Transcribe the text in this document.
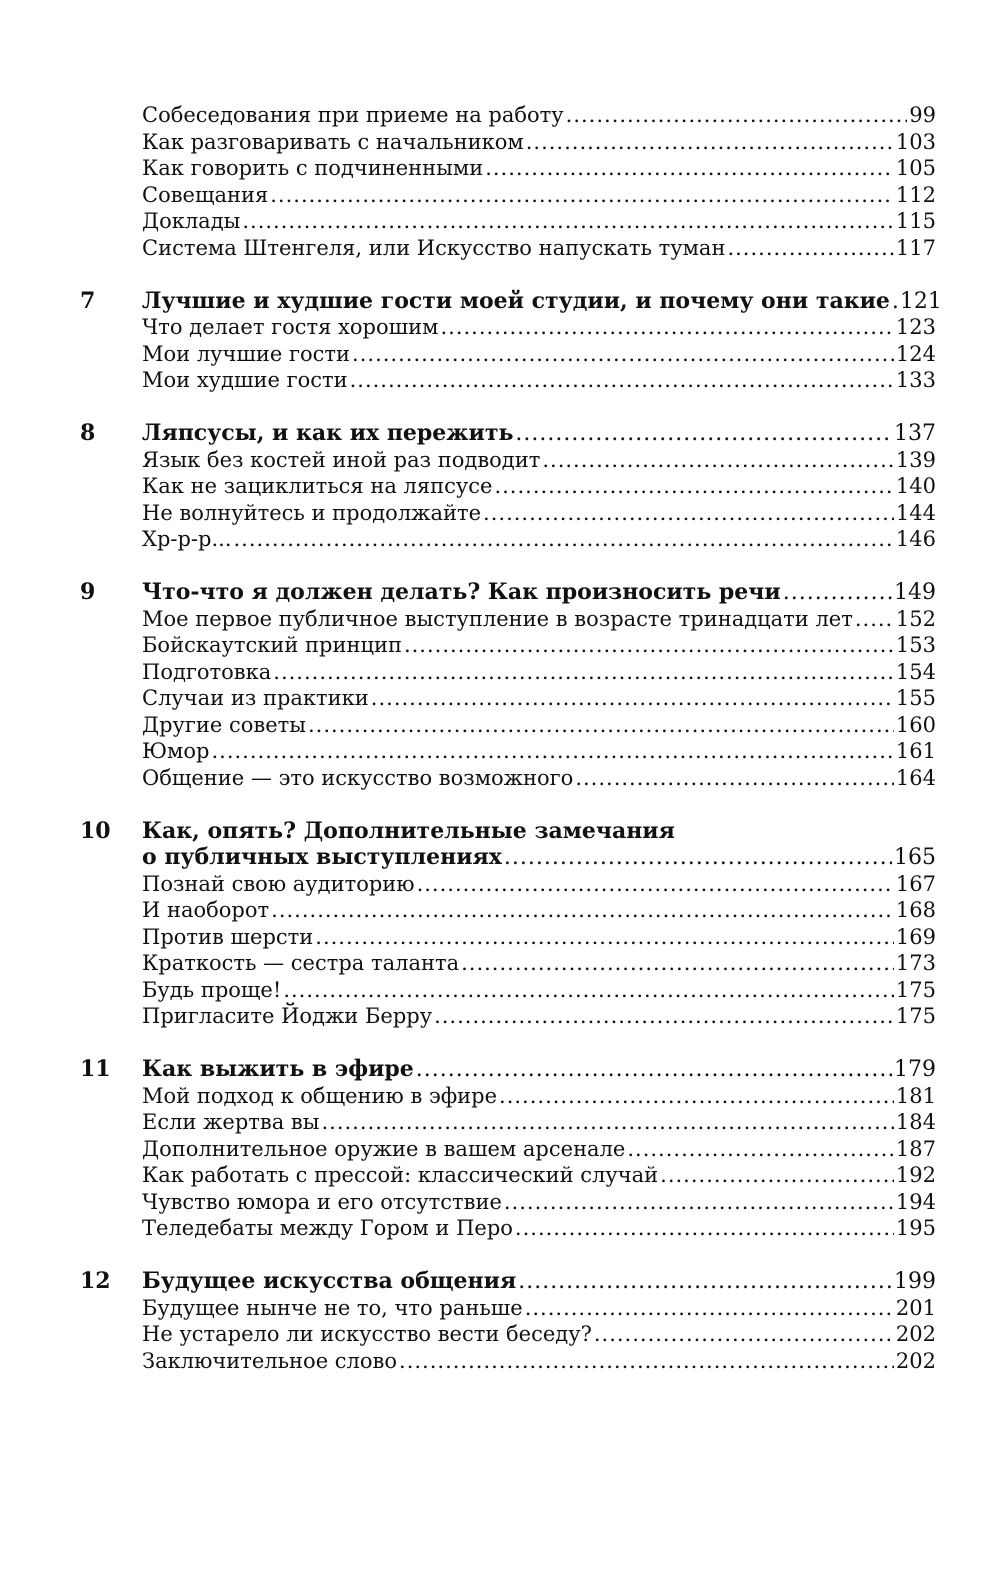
Собеседования при приеме на работу .....	99
Как разговаривать с начальником .....	103
Как говорить с подчиненными .....	105
Совещания .....	112
Доклады .....	115
Система Штенгеля, или Искусство напускать туман .....	117
7	Лучшие и худшие гости моей студии, и почему они такие ..... 121
Что делает гостя хорошим .....	123
Мои лучшие гости .....	124
Мои худшие гости .....	133
8	Ляпсусы, и как их пережить .....	137
Язык без костей иной раз подводит .....	139
Как не зациклиться на ляпсусе .....	140
Не волнуйтесь и продолжайте .....	144
Хр-р-р... .....	146
9	Что-что я должен делать? Как произносить речи .....	149
Мое первое публичное выступление в возрасте тринадцати лет ..... 152
Бойскаутский принцип .....	153
Подготовка .....	154
Случаи из практики .....	155
Другие советы .....	160
Юмор .....	161
Общение — это искусство возможного .....	164
10	Как, опять? Дополнительные замечания
о публичных выступлениях .....	165
Познай свою аудиторию .....	167
И наоборот .....	168
Против шерсти .....	169
Краткость — сестра таланта .....	173
Будь проще! .....	175
Пригласите Йоджи Берру .....	175
11	Как выжить в эфире .....	179
Мой подход к общению в эфире .....	181
Если жертва вы .....	184
Дополнительное оружие в вашем арсенале .....	187
Как работать с прессой: классический случай .....	192
Чувство юмора и его отсутствие .....	194
Теледебаты между Гором и Перо .....	195
12	Будущее искусства общения .....	199
Будущее нынче не то, что раньше .....	201
Не устарело ли искусство вести беседу? .....	202
Заключительное слово .....	202
